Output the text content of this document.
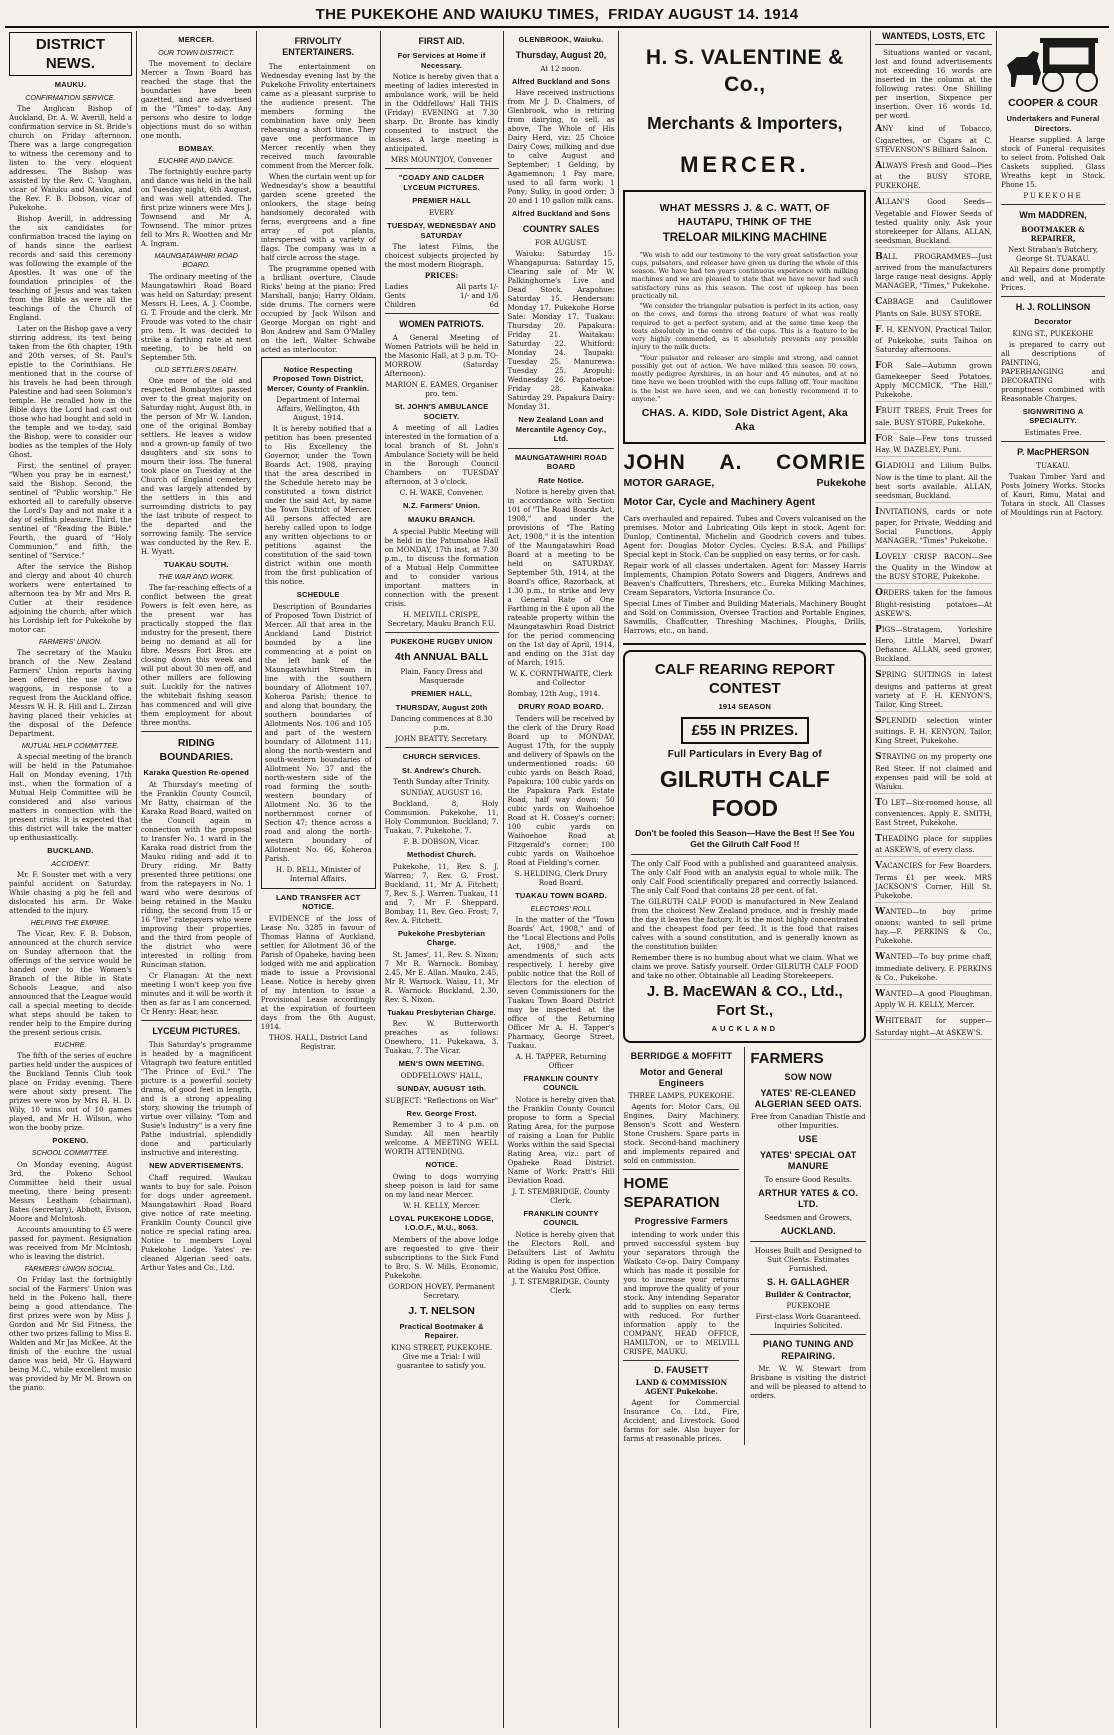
THE PUKEKOHE AND WAIUKU TIMES, FRIDAY AUGUST 14. 1914
DISTRICT NEWS.
MAUKU.
CONFIRMATION SERVICE.

The Anglican Bishop of Auckland, Dr. A. W. Averill, held a confirmation service in St. Bride's church on Friday afternoon. There was a large congregation to witness the ceremony and to listen to the very eloquent addresses. The Bishop was assisted by the Rev. C. Vaughan, vicar of Waiuku and Mauku, and the Rev. F. B. Dobson, vicar of Pukekohe.

Bishop Averill, in addressing the six candidates for confirmation traced the laying on of hands since the earliest records and said this ceremony was following the example of the Apostles. It was one of the foundation principles of the teaching of Jesus and was taken from the Bible as were all the teachings of the Church of England.

Later on the Bishop gave a very stirring address, its text being taken from the 6th chapter, 19th and 20th verses, of St. Paul's epistle to the Corinthians. He mentioned that in the course of his travels he had been through Palestine and had seen Solomon's temple. He recalled how in the Bible days the Lord had cast out those who had bought and sold in the temple and we to-day, said the Bishop, were to consider our bodies as the temples of the Holy Ghost.

First, the sentinel of prayer. "When you pray be in earnest," said the Bishop. Second, the sentinel of "Public worship." He exhorted all to carefully observe the Lord's Day and not make it a day of selfish pleasure. Third, the sentinel of "Reading the Bible." Fourth, the guard of "Holy Communion," and fifth, the sentinel of "Service."

After the service the Bishop and clergy and about 40 church workers were entertained to afternoon tea by Mr and Mrs R. Cutler at their residence adjoining the church, after which his Lordship left for Pukekohe by motor car.

FARMERS' UNION.

The secretary of the Mauku branch of the New Zealand Farmers' Union reports having been offered the use of two waggons, in response to a request from the Auckland office. Messrs W. H. R. Hill and L. Zirzan having placed their vehicles at the disposal of the Defence Department.

MUTUAL HELP COMMITTEE.

A special meeting of the branch will be held in the Patumahoe Hall on Monday evening, 17th inst., when the formation of a Mutual Help Committee will be considered and also various matters in connection with the present crisis. It is expected that this district will take the matter up enthusiastically.

BUCKLAND.
ACCIDENT.

Mr. F. Souster met with a very painful accident on Saturday. While chasing a pig he fell and dislocated his arm. Dr Wake attended to the injury.

HELPING THE EMPIRE.

The Vicar, Rev. F. B. Dobson, announced at the church service on Sunday afternoon that the offerings of the service would be handed over to the Women's Branch of the Bible in State Schools League, and also announced that the League would call a special meeting to decide what steps should be taken to render help to the Empire during the present serious crisis.

EUCHRE.

The fifth of the series of euchre parties held under the auspices of the Buckland Tennis Club took place on Friday evening. There were about sixty present. The prizes were won by Mrs H. H. D. Wily, 10 wins out of 10 games played, and Mr H. Wilson, who won the booby prize.

POKENO.
SCHOOL COMMITTEE.

On Monday evening, August 3rd, the Pokeno School Committee held their usual meeting, there being present: Messrs Leatham (chairman), Bates (secretary), Abbott, Evison, Moore and McIntosh.

Accounts amounting to £5 were passed for payment. Resignation was received from Mr McIntosh, who is leaving the district.

FARMERS' UNION SOCIAL.

On Friday last the fortnightly social of the Farmers' Union was held in the Pokeno hall, there being a good attendance. The first prizes were won by Miss J. Gordon and Mr Sid Fitness, the other two prizes falling to Miss E. Walden and Mr Jas McKee. At the finish of the euchre the usual dance was held, Mr G. Hayward being M.C., while excellent music was provided by Mr M. Brown on the piano.

MERCER.
OUR TOWN DISTRICT.

The movement to declare Mercer a Town Board has reached the stage that the boundaries have been gazetted, and are advertised in the "Times" to-day. Any persons who desire to lodge objections must do so within one month.

BOMBAY.
EUCHRE AND DANCE.

The fortnightly euchre party and dance was held in the hall on Tuesday night, 6th August, and was well attended. The first prize winners were Mrs J. Townsend and Mr A. Townsend. The minor prizes fell to Mrs R. Wootten and Mr A. Ingram.

MAUNGATAWHIRI ROAD BOARD.

The ordinary meeting of the Maungatawhiri Road Board was held on Saturday; present Messrs H. Lees, A. J. Coombe, G. T. Froude and the clerk. Mr Froude was voted to the chair pro tem. It was decided to strike a farthing rate at next meeting, to be held on September 5th.

OLD SETTLER'S DEATH.

One more of the old and respected Bombayites passed over to the great majority on Saturday night, August 8th, in the person of Mr W. Landon, one of the original Bombay settlers. He leaves a widow and a grown-up family of two daughters and six sons to mourn their loss. The funeral took place on Tuesday at the Church of England cemetery, and was largely attended by the settlers in this and surrounding districts to pay the last tribute of respect to the departed and the sorrowing family. The service was conducted by the Rev. E. H. Wyatt.

TUAKAU SOUTH.
THE WAR AND WORK.

The far-reaching effects of a conflict between the great Powers is felt even here, as the present war has practically stopped the flax industry for the present, there being no demand at all for fibre. Messrs Fort Bros. are closing down this week and will put about 30 men off, and other millers are following suit. Luckily for the natives the whitebait fishing season has commenced and will give them employment for about three months.

RIDING BOUNDARIES.
Karaka Question Re-opened

At Thursday's meeting of the Franklin County Council, Mr Batty, chairman of the Karaka Road Board, waited on the Council again in connection with the proposal to transfer No. 1 ward in the Karaka road district from the Mauku riding and add it to Drury riding. Mr Batty presented three petitions: one from the ratepayers in No. 1 ward who were desirous of being retained in the Mauku riding, the second from 15 or 16 "live" ratepayers who were improving their properties, and the third from people of the district who were interested in rolling from Runciman station.

Cr Flanagan: At the next meeting I won't keep you five minutes and it will be worth it then as far as I am concerned. Cr Henry: Hear, hear.

LYCEUM PICTURES.

This Saturday's programme is headed by a magnificent Vitagraph two feature entitled "The Prince of Evil." The picture is a powerful society drama, of good feet in length, and is a strong appealing story, showing the triumph of virtue over villainy. "Tom and Susie's Industry" is a very fine Pathe industrial, splendidly done and particularly instructive and interesting.

NEW ADVERTISEMENTS.

Chaff required. Waukau wants to buy for sale. Poison for dogs under agreement. Maungatawhiri Road Board give notice of rate meeting. Franklin County Council give notice re special rating area. Notice to members Loyal Pukekohe Lodge. Yates' re-cleaned Algerian seed oats. Arthur Yates and Co., Ltd.

FRIVOLITY ENTERTAINERS.

The entertainment on Wednesday evening last by the Pukekohe Frivolity entertainers came as a pleasant surprise to the audience present. The members forming the combination have only been rehearsing a short time. They gave one performance in Mercer recently when they received much favourable comment from the Mercer folk.

When the curtain went up for Wednesday's show a beautiful garden scene greeted the onlookers, the stage being handsomely decorated with ferns, evergreens and a fine array of pot plants, interspersed with a variety of flags. The company was in a half circle across the stage.

The programme opened with a brilliant overture, Claude Ricks' being at the piano; Fred Marshall, banjo; Harry Oldam, side drums. The corners were occupied by Jack Wilson and George Morgan on right and Bon Andrew and Sam O'Malley on the left. Walter Schwabe acted as interlocutor.

Notice Respecting Proposed Town District, Mercer, County of Franklin.

Department of Internal Affairs, Wellington, 4th August, 1914.

It is hereby notified that a petition has been presented to His Excellency the Governor, under the Town Boards Act, 1908, praying that the area described in the Schedule hereto may be constituted a town district under the said Act, by name the Town District of Mercer. All persons affected are hereby called upon to lodge any written objections to or petitions against the constitution of the said town district within one month from the first publication of this notice.

SCHEDULE

Description of Boundaries of Proposed Town District of Mercer. All that area in the Auckland Land District bounded by a line commencing at a point on the left bank of the Maungatawhiri Stream in line with the southern boundary of Allotment 107, Koheroa Parish; thence to and along that boundary, the southern boundaries of Allotments Nos. 106 and 105 and part of the western boundary of Allotment 111; along the north-western and south-western boundaries of Allotment No. 37 and the north-western side of the road forming the south-western boundary of Allotment No. 36 to the northernmost corner of Section 47; thence across a road and along the north-western boundary of Allotment No. 66, Koheroa Parish.

H. D. BELL, Minister of Internal Affairs.

LAND TRANSFER ACT NOTICE.

EVIDENCE of the loss of Lease No. 3285 in favour of Thomas Hanna of Auckland, settler, for Allotment 36 of the Parish of Opaheke, having been lodged with me and application made to issue a Provisional Lease. Notice is hereby given of my intention to issue a Provisional Lease accordingly at the expiration of fourteen days from the 6th August, 1914.

THOS. HALL, District Land Registrar.

FIRST AID.
For Services at Home if Necessary.

Notice is hereby given that a meeting of ladies interested in ambulance work, will be held in the Oddfellows' Hall THIS (Friday) EVENING at 7.30 sharp. Dr. Bronte has kindly consented to instruct the classes. A large meeting is anticipated.

MRS MOUNTJOY, Convener

"COADY AND CALDER LYCEUM PICTURES.
PREMIER HALL

EVERY

TUESDAY, WEDNESDAY AND SATURDAY

The latest Films, the choicest subjects projected by the most modern Biograph.

PRICES:

Ladies	All parts 1/-
Gents	1/- and 1/6
Children	6d
WOMEN PATRIOTS.

A General Meeting of Women Patriots will be held in the Masonic Hall, at 3 p.m. TO-MORROW (Saturday Afternoon).

MARION E. EAMES, Organiser pro. tem.

St. JOHN'S AMBULANCE SOCIETY.

A meeting of all Ladies interested in the formation of a local branch of St. John's Ambulance Society will be held in the Borough Council Chambers on TUESDAY afternoon, at 3 o'clock.

C. H. WAKE, Convener.

N.Z. Farmers' Union.
MAUKU BRANCH.

A special Public Meeting will be held in the Patumahoe Hall on MONDAY, 17th inst, at 7.30 p.m., to discuss the formation of a Mutual Help Committee and to consider various important matters in connection with the present crisis.

H. MELVILL CRISPE, Secretary, Mauku Branch F.U.

PUKEKOHE RUGBY UNION
4th ANNUAL BALL

Plain, Fancy Dress and Masquerade

PREMIER HALL,
THURSDAY, August 20th

Dancing commences at 8.30 p.m.

JOHN BEATTY, Secretary.

CHURCH SERVICES.
St. Andrew's Church.

Tenth Sunday after Trinity.

SUNDAY, AUGUST 16.

Buckland, 8, Holy Communion. Pukekohe, 11, Holy Communion. Buckland, 7. Tuakau, 7. Pukekohe, 7.

F. B. DOBSON, Vicar.

Methodist Church.

Pukekohe, 11, Rev. S. J. Warren; 7, Rev. G. Frost. Buckland, 11, Mr A. Fitchett; 7, Rev. S. J. Warren. Tuakau, 11 and 7, Mr F. Sheppard. Bombay, 11, Rev. Geo. Frost; 7, Rev. A. Fitchett.

Pukekohe Presbyterian Charge.

St. James', 11, Rev. S. Nixon; 7 Mr R. Warnock. Bombay, 2.45, Mr E. Allan. Mauku, 2.45, Mr R. Warnock. Waiau, 11, Mr R. Warnock. Buckland, 2.30, Rev. S. Nixon.

Tuakau Presbyterian Charge.

Rev. W. Butterworth preaches as follows: Onewhero, 11. Pukekawa, 3. Tuakau, 7. The Vicar.

MEN'S OWN MEETING.

ODDFELLOWS' HALL,

SUNDAY, AUGUST 16th.

SUBJECT: "Reflections on War"

Rev. George Frost.

Remember 3 to 4 p.m. on Sunday. All men heartily welcome. A MEETING WELL WORTH ATTENDING.

NOTICE.

Owing to dogs worrying sheep poison is laid for same on my land near Mercer.

W. H. KELLY, Mercer.

LOYAL PUKEKOHE LODGE, I.O.O.F., M.U., 8063.

Members of the above lodge are requested to give their subscriptions to the Sick Fund to Bro. S. W. Mills, Economic, Pukekohe.

GORDON HOVEY, Permanent Secretary.

J. T. NELSON
Practical Bootmaker & Repairer.

KING STREET, PUKEKOHE. Give me a Trial: I will guarantee to satisfy you.

GLENBROOK, Waiuku.
Thursday, August 20,

At 12 noon.

Alfred Buckland and Sons

Have received instructions from Mr J. D. Chalmers, of Glenbrook, who is retiring from dairying, to sell, as above, The Whole of His Dairy Herd, viz: 25 Choice Dairy Cows, milking and due to calve August and September; 1 Gelding, by Agamemnon; 1 Pay mare, used to all farm work; 1 Pony; Sulky, in good order; 3 20 and 1 10 gallon milk cans.

Alfred Buckland and Sons
COUNTRY SALES

FOR AUGUST.

Waiuku: Saturday 15. Whangapurua: Saturday 15, Clearing sale of Mr W. Palkinghorne's Live and Dead Stock. Arapohue: Saturday 15. Henderson: Monday 17. Pukekohe Horse Sale: Monday 17. Tuakau: Thursday 20. Papakura: Friday 21. Waitakau: Saturday 22. Whitford: Monday 24. Taupaki: Tuesday 25. Manurewa: Tuesday 25. Aropuhi: Wednesday 26. Papatoetoe: Friday 28. Kaiwaka: Saturday 29. Papakura Dairy: Monday 31.

New Zealand Loan and Mercantile Agency Coy., Ltd.
MAUNGATAWHIRI ROAD BOARD
Rate Notice.

Notice is hereby given that in accordance with Section 101 of "The Road Boards Act, 1908," and under the provisions of "The Rating Act, 1908," it is the intention of the Maungatawhiri Road Board at a meeting to be held on SATURDAY, September 5th, 1914, at the Board's office, Razorback, at 1.30 p.m., to strike and levy a General Rate of One Farthing in the £ upon all the rateable property within the Maungatawhiri Road District for the period commencing on the 1st day of April, 1914, and ending on the 31st day of March, 1915.

W. K. CORNTHWAITE, Clerk and Collector

Bombay, 12th Aug., 1914.

DRURY ROAD BOARD.

Tenders will be received by the clerk of the Drury Road Board up to MONDAY, August 17th, for the supply and delivery of Spawls on the undermentioned roads: 60 cubic yards on Beach Road, Papakura; 100 cubic yards on the Papakura Park Estate Road, half way down; 50 cubic yards on Waihoehoe Road at H. Cossey's corner; 100 cubic yards on Waihoehoe Road at Fitzgerald's corner; 100 cubic yards on Waihoehoe Road at Fielding's corner.

S. HELDING, Clerk Drury Road Board.

TUAKAU TOWN BOARD.
ELECTORS' ROLL

In the matter of the "Town Boards' Act, 1908," and of the "Local Elections and Polls Act, 1908," and the amendments of such acts respectively, I hereby give public notice that the Roll of Electors for the election of seven Commissioners for the Tuakau Town Board District may be inspected at the office of the Returning Officer Mr A. H. Tapper's Pharmacy, George Street, Tuakau.

A. H. TAPPER, Returning Officer

FRANKLIN COUNTY COUNCIL

Notice is hereby given that the Franklin County Council propose to form a Special Rating Area, for the purpose of raising a Loan for Public Works within the said Special Rating Area, viz.: part of Opaheke Road District. Name of Work: Pratt's Hill Deviation Road.

J. T. STEMBRIDGE, County Clerk.

FRANKLIN COUNTY COUNCIL

Notice is hereby given that the Electors Roll, and Defaulters List of Awhitu Riding is open for inspection at the Waiuku Post Office.

J. T. STEMBRIDGE, County Clerk.

H. S. VALENTINE & Co.,
Merchants & Importers,
MERCER.
WHAT MESSRS J. & C. WATT, OF HAUTAPU, THINK OF THE
TRELOAR MILKING MACHINE

"We wish to add our testimony to the very great satisfaction your cups, pulsators, and releaser have given us during the whole of this season. We have had ten years continuous experience with milking machines and we are pleased to state that we have never had such satisfactory runs as this season. The cost of upkeep has been practically nil.

"We consider the triangular pulsation is perfect in its action, easy on the cows, and forms the strong feature of what was really required to get a perfect system, and at the same time keep the teats absolutely in the centre of the cups. This is a feature to be very highly commended, as it absolutely prevents any possible injury to the milk ducts.

"Your pulsator and releaser are simple and strong, and cannot possibly get out of action. We have milked this season 50 cows, mostly pedigree Ayrshires, in an hour and 45 minutes, and at no time have we been troubled with the cups falling off. Your machine is the best we have seen, and we can honestly recommend it to anyone."

CHAS. A. KIDD, Sole District Agent, Aka Aka
JOHN A. COMRIE
MOTOR GARAGE,	Pukekohe
Motor Car, Cycle and Machinery Agent

Cars overhauled and repaired. Tubes and Covers vulcanised on the premises. Motor and Lubricating Oils kept in stock. Agent for: Dunlop, Continental, Michelin and Goodrich covers and tubes. Agent for: Douglas Motor Cycles. Cycles: B.S.A. and Phillips' Special kept in Stock. Can be supplied on easy terms, or for cash.

Repair work of all classes undertaken. Agent for: Massey Harris Implements, Champion Potato Sowers and Diggers, Andrews and Beaven's Chaffcutters, Threshers, etc., Eureka Milking Machines, Cream Separators, Victoria Insurance Co.

Special Lines of Timber and Building Materials, Machinery Bought and Sold on Commission, Oversee Traction and Portable Engines, Sawmills, Chaffcutter, Threshing Machines, Ploughs, Drills, Harrows, etc., on hand.

CALF REARING REPORT CONTEST
1914 SEASON
£55 IN PRIZES.
Full Particulars in Every Bag of
GILRUTH CALF FOOD
Don't be fooled this Season—Have the Best !! See You Get the Gilruth Calf Food !!

The only Calf Food with a published and guaranteed analysis. The only Calf Food with an analysis equal to whole milk. The only Calf Food scientifically prepared and correctly balanced. The only Calf Food that contains 28 per cent. of fat.

The GILRUTH CALF FOOD is manufactured in New Zealand from the choicest New Zealand produce, and is freshly made the day it leaves the factory. It is the most highly concentrated and the cheapest food per feed. It is the food that raises calves with a sound constitution, and is generally known as the constitution builder.

Remember there is no humbug about what we claim. What we claim we prove. Satisfy yourself. Order GILRUTH CALF FOOD and take no other. Obtainable all Leading Storekeepers.

J. B. MacEWAN & CO., Ltd., Fort St.,
AUCKLAND
BERRIDGE & MOFFITT
Motor and General Engineers

THREE LAMPS, PUKEKOHE.

Agents for: Motor Cars, Oil Engines, Dairy Machinery, Benson's Scott and Western Stone Crushers. Spare parts in stock. Second-hand machinery and implements repaired and sold on commission.

HOME SEPARATION
Progressive Farmers

intending to work under this proved successful system buy your separators through the Waikato Co-op. Dairy Company which has made it possible for you to increase your returns and improve the quality of your stock. Any intending Separator add to supplies on easy terms with reduced. For further information apply to the COMPANY, HEAD OFFICE, HAMILTON, or to MELVILL CRISPE, MAUKU.

D. FAUSETT

LAND & COMMISSION AGENT Pukekohe.

Agent for Commercial Insurance Co. Ltd., Fire, Accident, and Livestock. Good farms for sale. Also buyer for farms at reasonable prices.

FARMERS
SOW NOW
YATES' RE-CLEANED ALGERIAN SEED OATS.

Free from Canadian Thistle and other Impurities.

USE
YATES' SPECIAL OAT MANURE

To ensure Good Results.

ARTHUR YATES & CO. LTD.

Seedsmen and Growers,

AUCKLAND.

Houses Built and Designed to Suit Clients. Estimates Furnished.

S. H. GALLAGHER

Builder & Contractor,

PUKEKOHE

First-class Work Guaranteed. Inquiries Solicited.

PIANO TUNING AND REPAIRING.

Mr. W. W. Stewart from Brisbane is visiting the district and will be pleased to attend to orders.

WANTEDS, LOSTS, ETC

Situations wanted or vacant, lost and found advertisements not exceeding 16 words are inserted in the column at the following rates: One Shilling per insertion, Sixpence per insertion. Over 16 words 1d. per word.

ANY kind of Tobacco, Cigarettes, or Cigars at C. STEVENSON'S Billiard Saloon.

ALWAYS Fresh and Good—Pies at the BUSY STORE, PUKEKOHE.

ALLAN'S Good Seeds—Vegetable and Flower Seeds of tested quality only. Ask your storekeeper for Allans. ALLAN, seedsman, Buckland.

BALL PROGRAMMES—Just arrived from the manufacturers large range neat designs. Apply MANAGER, "Times," Pukekohe.

CABBAGE and Cauliflower Plants on Sale. BUSY STORE.

F. H. KENYON, Practical Tailor, of Pukekohe, suits Taihoa on Saturday afternoons.

FOR Sale—Autumn grown Gamekeeper Seed Potatoes. Apply MCCMICK, "The Hill," Pukekohe.

FRUIT TREES, Fruit Trees for sale. BUSY STORE, Pukekohe.

FOR Sale—Few tons trussed Hay. W. DAZELEY, Puni.

GLADIOLI and Lilium Bulbs. Now is the time to plant. All the best sorts available. ALLAN, seedsman, Buckland.

INVITATIONS, cards or note paper, for Private, Wedding and Social Functions. Apply MANAGER, "Times" Pukekohe.

LOVELY CRISP BACON—See the Quality in the Window at the BUSY STORE, Pukekohe.

ORDERS taken for the famous Blight-resisting potatoes—At ASKEW'S.

PIGS—Stratagem, Yorkshire Hero, Little Marvel, Dwarf Defiance. ALLAN, seed grower, Buckland.

SPRING SUITINGS in latest designs and patterns at great variety at F. H. KENYON'S, Tailor, King Street.

SPLENDID selection winter suitings. F. H. KENYON, Tailor, King Street, Pukekohe.

STRAYING on my property one Red Steer. If not claimed and expenses paid will be sold at Waiuku.

TO LET—Six-roomed house, all conveniences. Apply E. SMITH, East Street, Pukekohe.

THEADING place for supplies at ASKEW'S, of every class.

VACANCIES for Few Boarders. Terms £1 per week. MRS JACKSON'S Corner, Hill St. Pukekohe.

WANTED—to buy prime onions; wanted to sell prime hay.—F. PERKINS & Co., Pukekohe.

WANTED—To buy prime chaff, immediate delivery. F. PERKINS & Co., Pukekohe.

WANTED—A good Ploughman. Apply W. H. KELLY, Mercer.

WHITEBAIT for supper—Saturday night—At ASKEW'S.

COOPER & COUR
Undertakers and Funeral Directors.

Hearse supplied. A large stock of Funeral requisites to select from. Polished Oak Caskets supplied. Glass Wreaths kept in Stock. Phone 15.

PUKEKOHE

Wm MADDREN,

BOOTMAKER & REPAIRER,

Next Strahan's Butchery, George St. TUAKAU.

All Repairs done promptly and well, and at Moderate Prices.

H. J. ROLLINSON
Decorator

KING ST., PUKEKOHE

is prepared to carry out all descriptions of PAINTING, PAPERHANGING and DECORATING with promptness combined with Reasonable Charges.

SIGNWRITING A SPECIALITY.

Estimates Free.

P. MacPHERSON

TUAKAU.

Tuakau Timber Yard and Posts Joinery Works. Stocks of Kauri, Rimu, Matai and Totara in stock. All Classes of Mouldings run at Factory.
